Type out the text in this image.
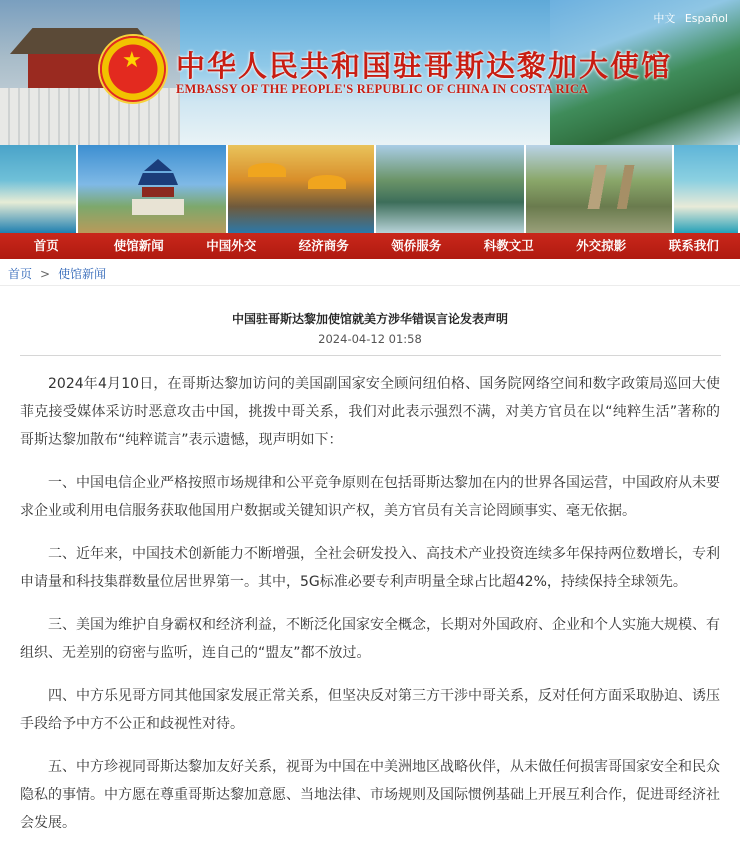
★ 中华人民共和国驻哥斯达黎加大使馆
EMBASSY OF THE PEOPLE'S REPUBLIC OF CHINA IN COSTA RICA
中文 Español
首页	使馆新闻	中国外交	经济商务	领侨服务	科教文卫	外交掠影	联系我们
首页 > 使馆新闻
中国驻哥斯达黎加使馆就美方涉华错误言论发表声明
2024-04-12 01:58

2024年4月10日，在哥斯达黎加访问的美国副国家安全顾问纽伯格、国务院网络空间和数字政策局巡回大使菲克接受媒体采访时恶意攻击中国，挑拨中哥关系，我们对此表示强烈不满，对美方官员在以“纯粹生活”著称的哥斯达黎加散布“纯粹谎言”表示遗憾，现声明如下：

一、中国电信企业严格按照市场规律和公平竞争原则在包括哥斯达黎加在内的世界各国运营，中国政府从未要求企业或利用电信服务获取他国用户数据或关键知识产权，美方官员有关言论罔顾事实、毫无依据。

二、近年来，中国技术创新能力不断增强，全社会研发投入、高技术产业投资连续多年保持两位数增长，专利申请量和科技集群数量位居世界第一。其中，5G标准必要专利声明量全球占比超42%，持续保持全球领先。

三、美国为维护自身霸权和经济利益，不断泛化国家安全概念，长期对外国政府、企业和个人实施大规模、有组织、无差别的窃密与监听，连自己的“盟友”都不放过。

四、中方乐见哥方同其他国家发展正常关系，但坚决反对第三方干涉中哥关系，反对任何方面采取胁迫、诱压手段给予中方不公正和歧视性对待。

五、中方珍视同哥斯达黎加友好关系，视哥为中国在中美洲地区战略伙伴，从未做任何损害哥国家安全和民众隐私的事情。中方愿在尊重哥斯达黎加意愿、当地法律、市场规则及国际惯例基础上开展互利合作，促进哥经济社会发展。
